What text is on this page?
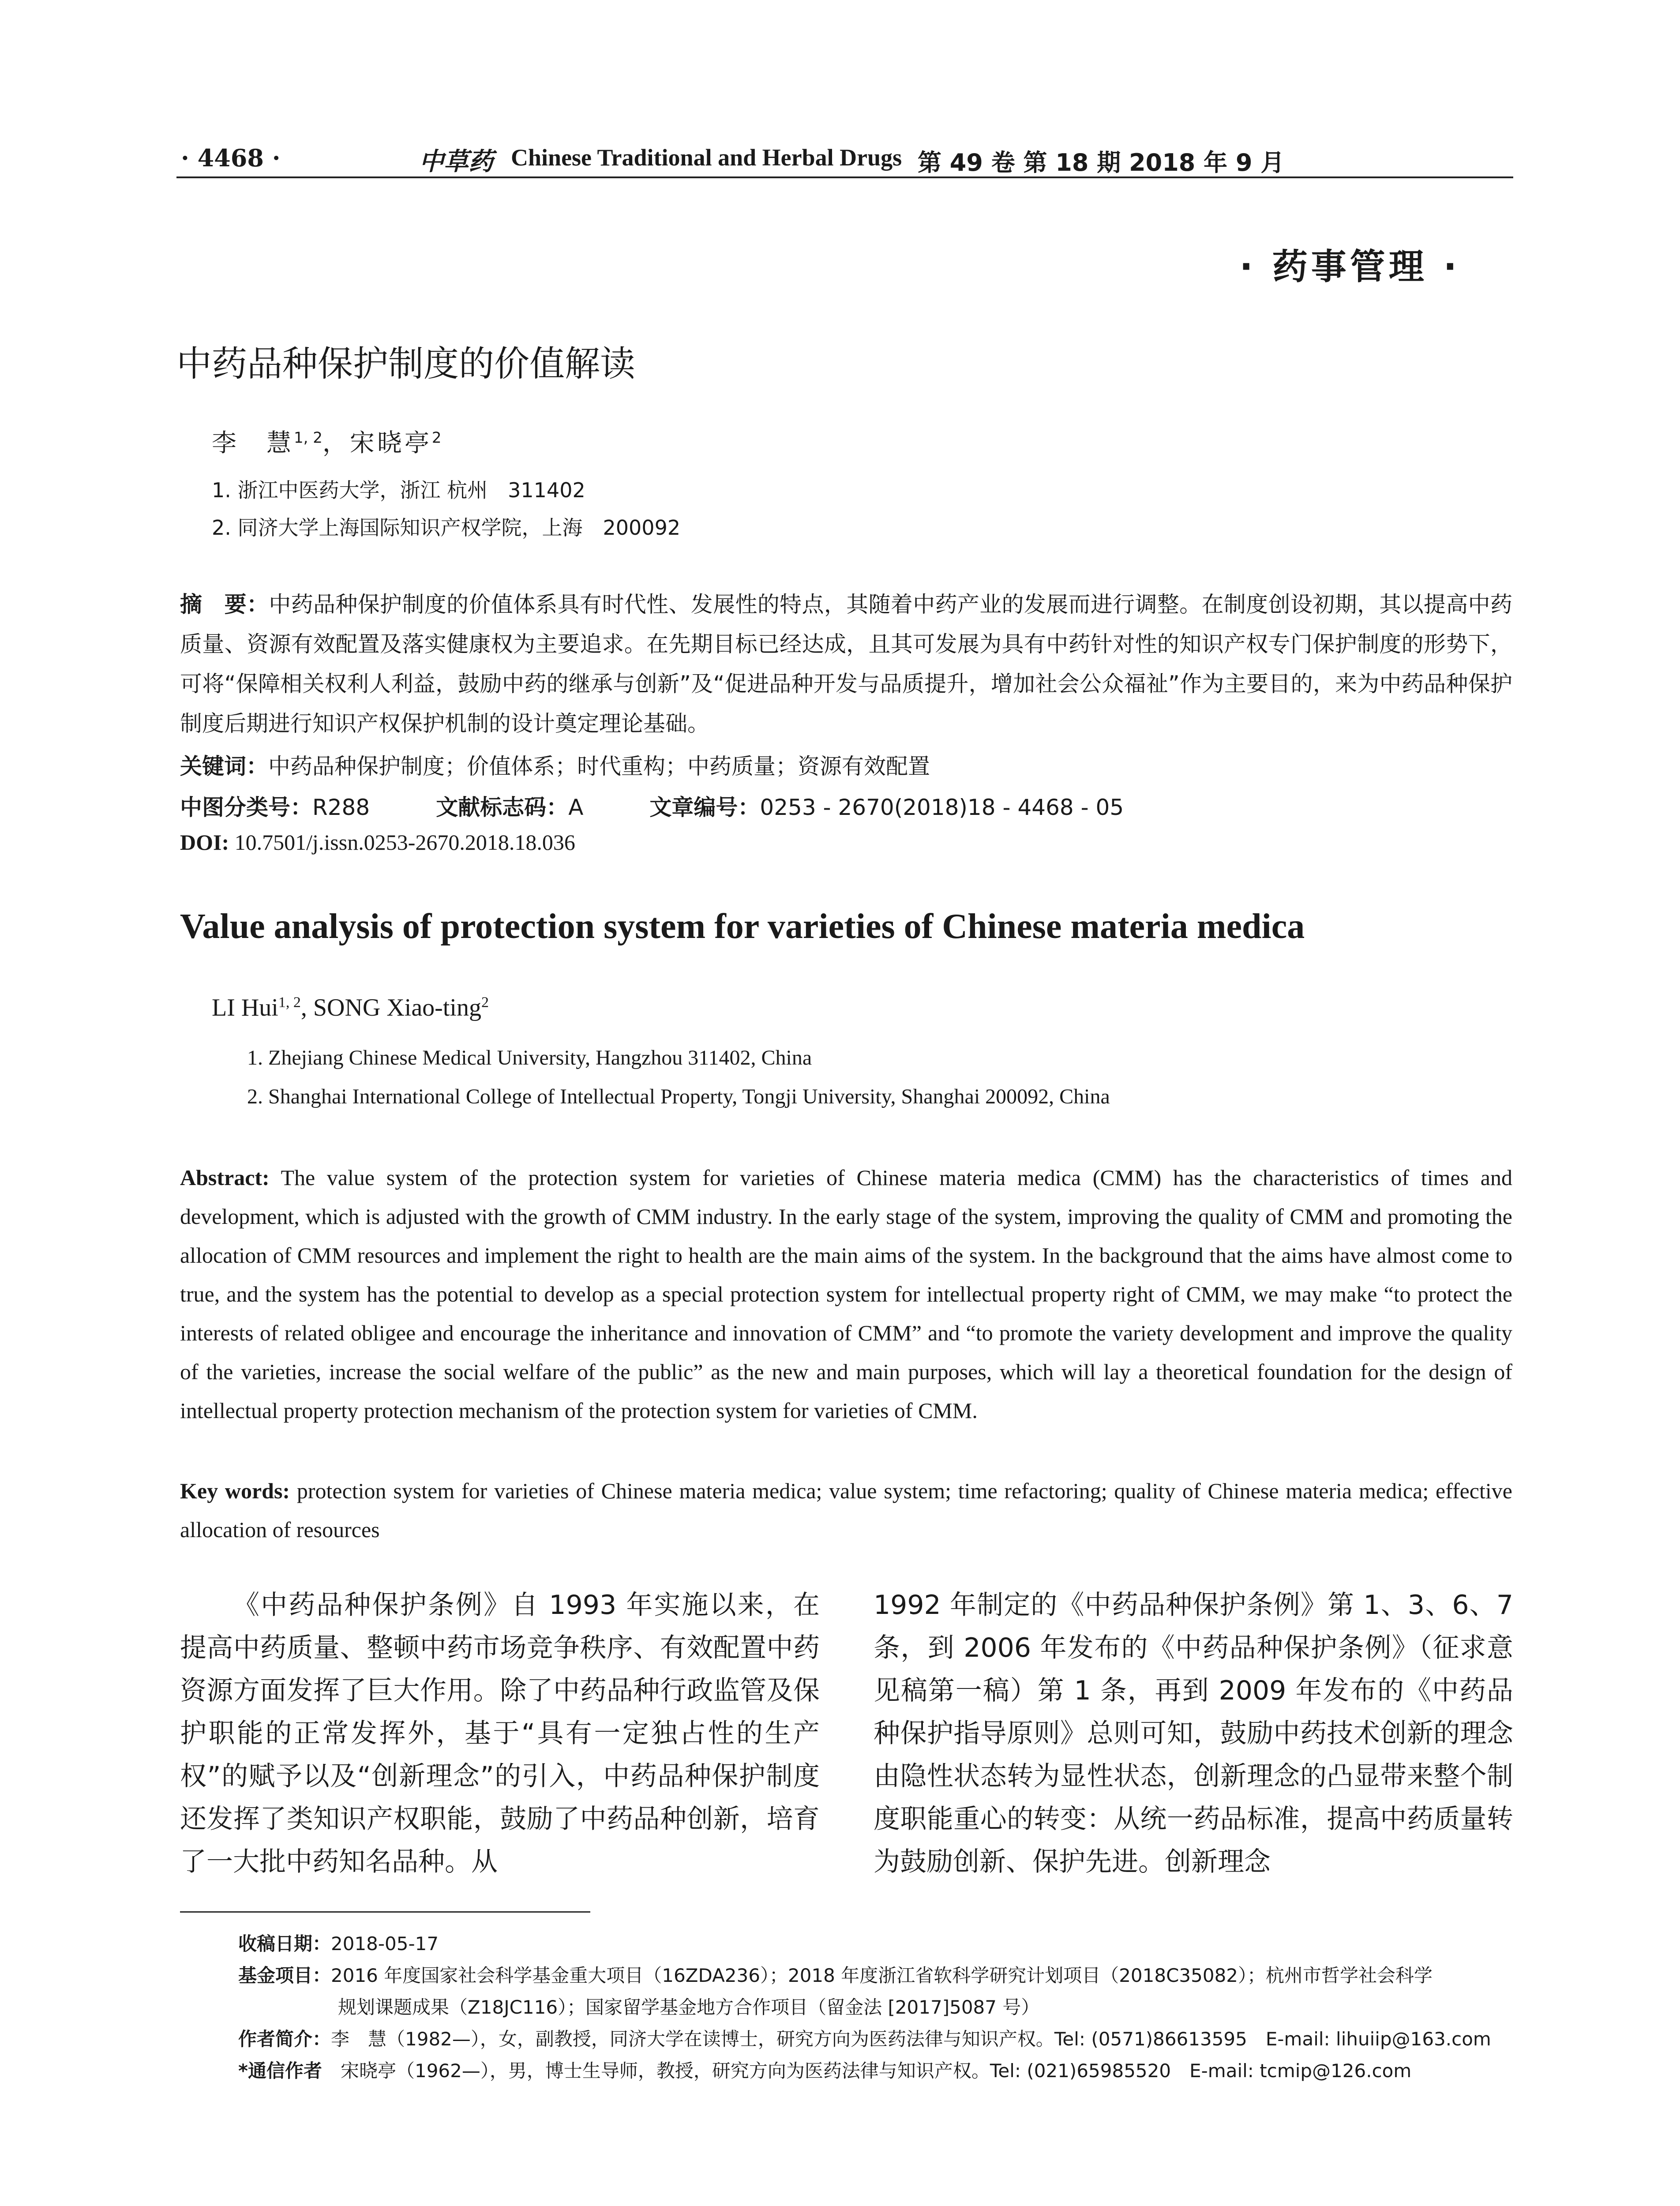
· 4468 ·	中草药 Chinese Traditional and Herbal Drugs 第 49 卷 第 18 期 2018 年 9 月
· 药事管理 ·
中药品种保护制度的价值解读
李　慧$^{1, 2}$，宋晓亭$^2$
1. 浙江中医药大学，浙江 杭州　311402
2. 同济大学上海国际知识产权学院，上海　200092
摘　要：中药品种保护制度的价值体系具有时代性、发展性的特点，其随着中药产业的发展而进行调整。在制度创设初期，其以提高中药质量、资源有效配置及落实健康权为主要追求。在先期目标已经达成，且其可发展为具有中药针对性的知识产权专门保护制度的形势下，可将“保障相关权利人利益，鼓励中药的继承与创新”及“促进品种开发与品质提升，增加社会公众福祉”作为主要目的，来为中药品种保护制度后期进行知识产权保护机制的设计奠定理论基础。
关键词：中药品种保护制度；价值体系；时代重构；中药质量；资源有效配置
中图分类号：R288	文献标志码：A	文章编号：0253 - 2670(2018)18 - 4468 - 05
DOI: 10.7501/j.issn.0253-2670.2018.18.036
Value analysis of protection system for varieties of Chinese materia medica
LI Hui$^{1, 2}$, SONG Xiao-ting$^2$
1. Zhejiang Chinese Medical University, Hangzhou 311402, China
2. Shanghai International College of Intellectual Property, Tongji University, Shanghai 200092, China
Abstract: The value system of the protection system for varieties of Chinese materia medica (CMM) has the characteristics of times and development, which is adjusted with the growth of CMM industry. In the early stage of the system, improving the quality of CMM and promoting the allocation of CMM resources and implement the right to health are the main aims of the system. In the background that the aims have almost come to true, and the system has the potential to develop as a special protection system for intellectual property right of CMM, we may make “to protect the interests of related obligee and encourage the inheritance and innovation of CMM” and “to promote the variety development and improve the quality of the varieties, increase the social welfare of the public” as the new and main purposes, which will lay a theoretical foundation for the design of intellectual property protection mechanism of the protection system for varieties of CMM.
Key words: protection system for varieties of Chinese materia medica; value system; time refactoring; quality of Chinese materia medica; effective allocation of resources
《中药品种保护条例》自 1993 年实施以来，在提高中药质量、整顿中药市场竞争秩序、有效配置中药资源方面发挥了巨大作用。除了中药品种行政监管及保护职能的正常发挥外，基于“具有一定独占性的生产权”的赋予以及“创新理念”的引入，中药品种保护制度还发挥了类知识产权职能，鼓励了中药品种创新，培育了一大批中药知名品种。从
1992 年制定的《中药品种保护条例》第 1、3、6、7 条，到 2006 年发布的《中药品种保护条例》（征求意见稿第一稿）第 1 条，再到 2009 年发布的《中药品种保护指导原则》总则可知，鼓励中药技术创新的理念由隐性状态转为显性状态，创新理念的凸显带来整个制度职能重心的转变：从统一药品标准，提高中药质量转为鼓励创新、保护先进。创新理念
收稿日期：2018-05-17
基金项目：2016 年度国家社会科学基金重大项目（16ZDA236）；2018 年度浙江省软科学研究计划项目（2018C35082）；杭州市哲学社会科学
规划课题成果（Z18JC116）；国家留学基金地方合作项目（留金法 [2017]5087 号）
作者简介：李　慧（1982—），女，副教授，同济大学在读博士，研究方向为医药法律与知识产权。Tel: (0571)86613595　E-mail: lihuiip@163.com
*通信作者　宋晓亭（1962—），男，博士生导师，教授，研究方向为医药法律与知识产权。Tel: (021)65985520　E-mail: tcmip@126.com
